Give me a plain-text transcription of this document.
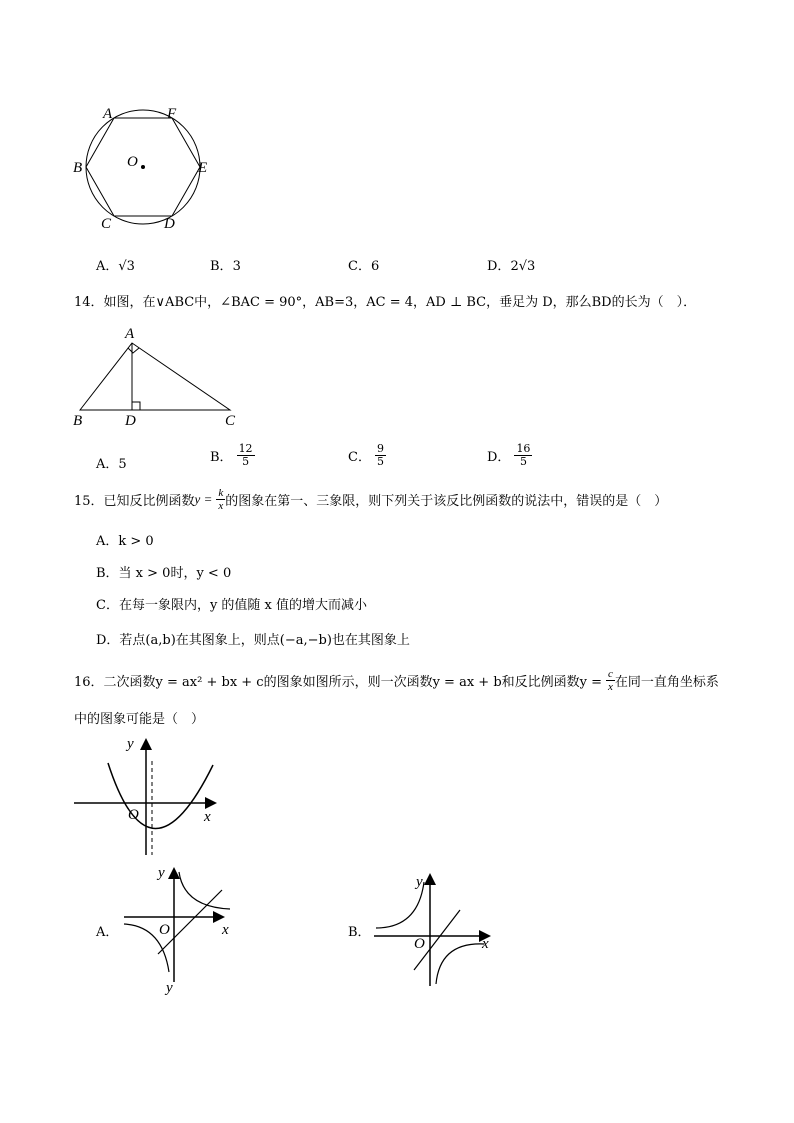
A	F
B	O	E
C	D
A．√3	B．3	C．6	D．2√3
14．如图，在∨ABC中，∠BAC = 90°，AB=3，AC = 4，AD ⊥ BC，垂足为 D，那么BD的长为（　）．
A
B	D	C
A．5	B． $\frac{12}{5}$	C． $\frac{9}{5}$	D． $\frac{16}{5}$
15．已知反比例函数$y = \frac{k}{x}$ 的图象在第一、三象限，则下列关于该反比例函数的说法中，错误的是（　）
A．k > 0
B．当 x > 0时，y < 0
C．在每一象限内，y 的值随 x 值的增大而减小
D．若点(a,b)在其图象上，则点(−a,−b)也在其图象上
16．二次函数y = ax² + bx + c的图象如图所示，则一次函数y = ax + b和反比例函数$y = \frac{c}{x}$ 在同一直角坐标系
中的图象可能是（　）
y
x
O
A．
y
y
x
O	B．
y
x
O
